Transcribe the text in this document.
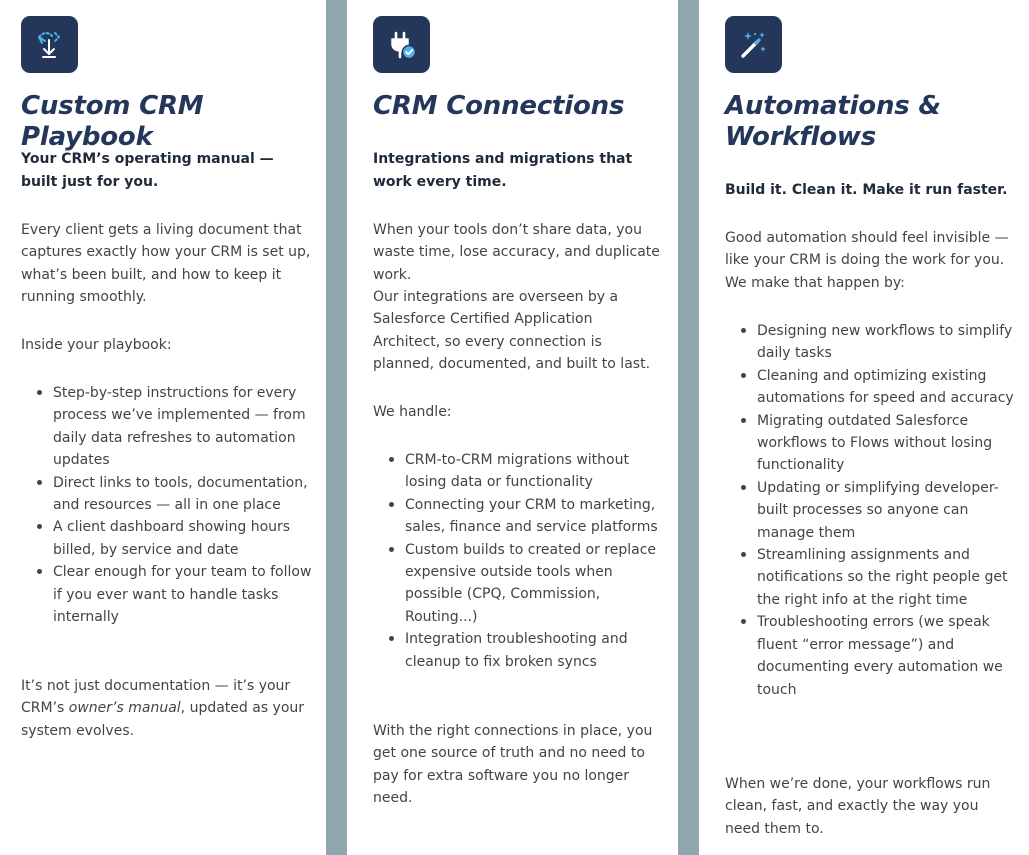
Custom CRM Playbook

Your CRM’s operating manual — built just for you.

Every client gets a living document that captures exactly how your CRM is set up, what’s been built, and how to keep it running smoothly.

Inside your playbook:

Step-by-step instructions for every process we’ve implemented — from daily data refreshes to automation updates
Direct links to tools, documentation, and resources — all in one place
A client dashboard showing hours billed, by service and date
Clear enough for your team to follow if you ever want to handle tasks internally

It’s not just documentation — it’s your CRM’s owner’s manual, updated as your system evolves.

CRM Connections

Integrations and migrations that work every time.

When your tools don’t share data, you waste time, lose accuracy, and duplicate work.

Our integrations are overseen by a Salesforce Certified Application Architect, so every connection is planned, documented, and built to last.

We handle:

CRM-to-CRM migrations without losing data or functionality
Connecting your CRM to marketing, sales, finance and service platforms
Custom builds to created or replace expensive outside tools when possible (CPQ, Commission, Routing...)
Integration troubleshooting and cleanup to fix broken syncs

With the right connections in place, you get one source of truth and no need to pay for extra software you no longer need.

Automations & Workflows

Build it. Clean it. Make it run faster.

Good automation should feel invisible — like your CRM is doing the work for you. We make that happen by:

Designing new workflows to simplify daily tasks
Cleaning and optimizing existing automations for speed and accuracy
Migrating outdated Salesforce workflows to Flows without losing functionality
Updating or simplifying developer-built processes so anyone can manage them
Streamlining assignments and notifications so the right people get the right info at the right time
Troubleshooting errors (we speak fluent “error message”) and documenting every automation we touch

When we’re done, your workflows run clean, fast, and exactly the way you need them to.
